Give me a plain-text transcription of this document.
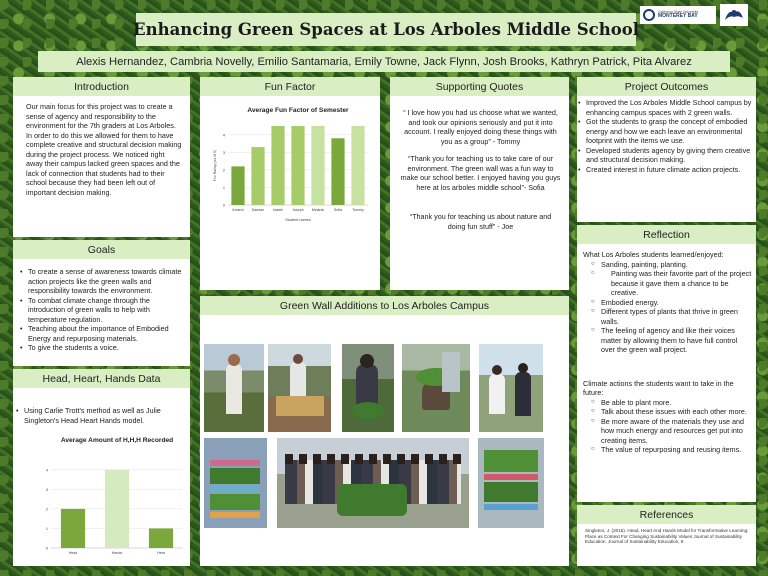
Enhancing Green Spaces at Los Arboles Middle School
California State University
MONTEREY BAY

Alexis Hernandez, Cambria Novelly, Emilio Santamaria, Emily Towne, Jack Flynn, Josh Brooks, Kathryn Patrick, Pita Alvarez

Introduction

Our main focus for this project was to create a sense of agency and responsibility to the environment for the 7th graders at Los Arboles. In order to do this we allowed for them to have complete creative and structural decision making during the project process. We noticed right away their campus lacked green spaces and the lack of connection that students had to their school because they had been left out of important decision making.

Goals
• To create a sense of awareness towards climate action projects like the green walls and responsibility towards the environment.
• To combat climate change through the introduction of green walls to help with temperature regulation.
• Teaching about the importance of Embodied Energy and repurposing materials.
• To give the students a voice.
Head, Heart, Hands Data
• Using Carlie Trott's method as well as Julie Singleton's Head Heart Hands model.
Average Amount of H,H,H Recorded
0
1
2
3
4
Head	Hands	Heat
Fun Factor
Average Fun Factor of Semester
0
1
2
3
4
Amarni Damian	Isaiah	Joseph Melanie	Sofia	Tommy
Student names
Fun Rating (out of 5)
Supporting Quotes

“ I love how you had us choose what we wanted, and took our opinions seriously and put it into account. I really enjoyed doing these things with you as a group” - Tommy

“Thank you for teaching us to take care of our environment. The green wall was a fun way to make our school better. I enjoyed having you guys here at los arboles middle school”- Sofia

“Thank you for teaching us about nature and doing fun stuff” - Joe

Project Outcomes
• Improved the Los Arboles Middle School campus by enhancing campus spaces with 2 green walls.
• Got the students to grasp the concept of embodied energy and how we each leave an environmental footprint with the items we use.
• Developed students agency by giving them creative and structural decision making.
• Created interest in future climate action projects.
Reflection

What Los Arboles students learned/enjoyed:

○ Sanding, painting, planting.
○ Painting was their favorite part of the project because it gave them a chance to be creative.
○ Embodied energy.
○ Different types of plants that thrive in green walls.
○ The feeling of agency and like their voices matter by allowing them to have full control over the green wall project.

Climate actions the students want to take in the future:

○ Be able to plant more.
○ Talk about these issues with each other more.
○ Be more aware of the materials they use and how much energy and resources get put into creating items.
○ The value of repurposing and reusing items.
References

Singleton, J. (2015). Head, Heart And Hands Model for Transformative Learning: Place as Context For Changing Sustainability Values Journal of Sustainability Education. Journal of Sustainability Education, 9.

Green Wall Additions to Los Arboles Campus
